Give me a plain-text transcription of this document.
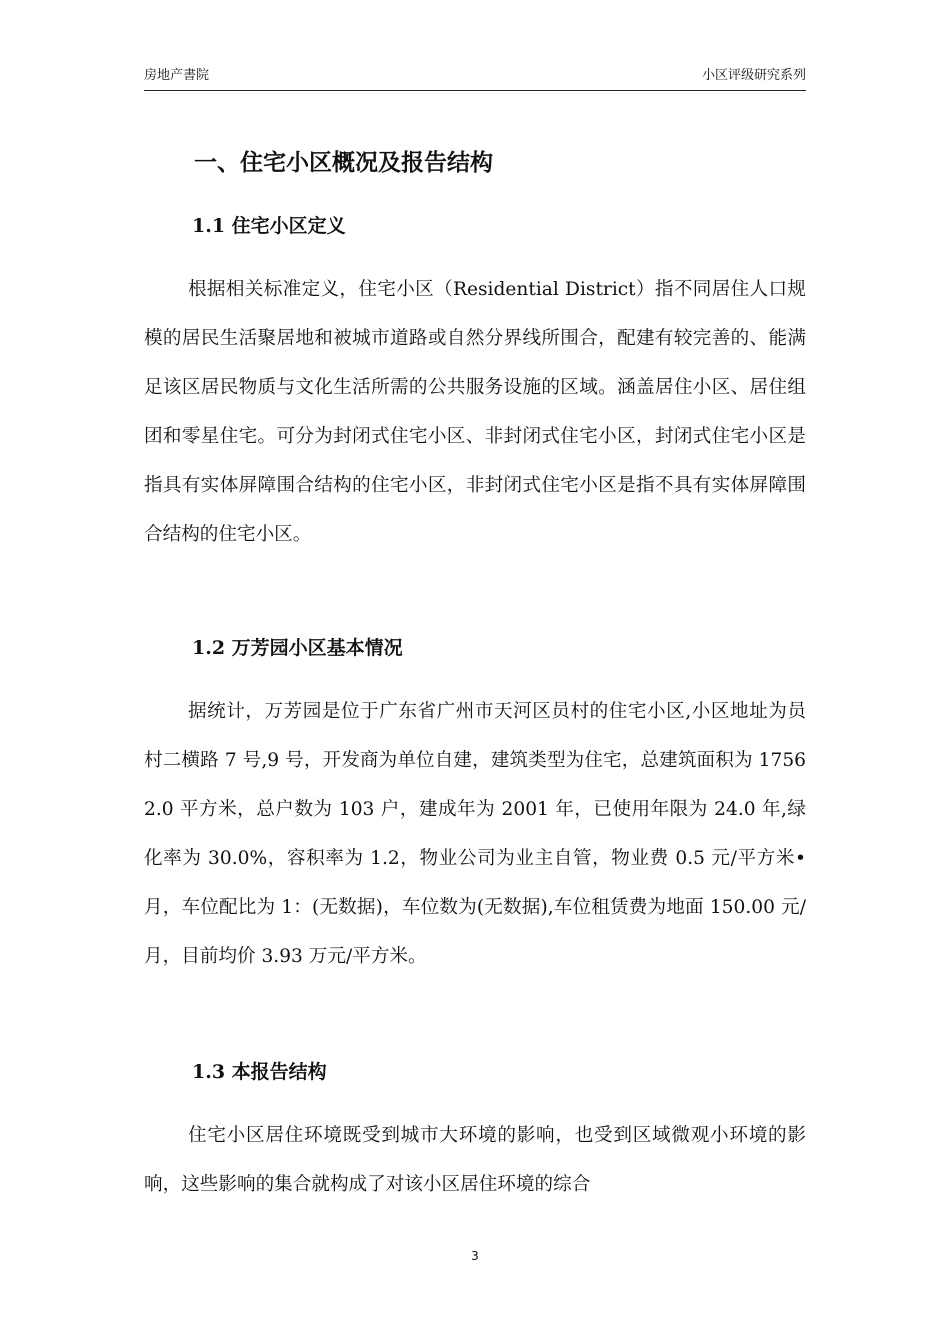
房地产書院	小区评级研究系列
一、住宅小区概况及报告结构
1.1 住宅小区定义
根据相关标准定义，住宅小区（Residential District）指不同居住人口规模的居民生活聚居地和被城市道路或自然分界线所围合，配建有较完善的、能满足该区居民物质与文化生活所需的公共服务设施的区域。涵盖居住小区、居住组团和零星住宅。可分为封闭式住宅小区、非封闭式住宅小区，封闭式住宅小区是指具有实体屏障围合结构的住宅小区，非封闭式住宅小区是指不具有实体屏障围合结构的住宅小区。
1.2 万芳园小区基本情况
据统计，万芳园是位于广东省广州市天河区员村的住宅小区,小区地址为员村二横路 7 号,9 号，开发商为单位自建，建筑类型为住宅，总建筑面积为 17562.0 平方米，总户数为 103 户，建成年为 2001 年，已使用年限为 24.0 年,绿化率为 30.0%，容积率为 1.2，物业公司为业主自管，物业费 0.5 元/平方米•月，车位配比为 1：(无数据)，车位数为(无数据),车位租赁费为地面 150.00 元/月，目前均价 3.93 万元/平方米。
1.3 本报告结构
住宅小区居住环境既受到城市大环境的影响，也受到区域微观小环境的影响，这些影响的集合就构成了对该小区居住环境的综合
3
